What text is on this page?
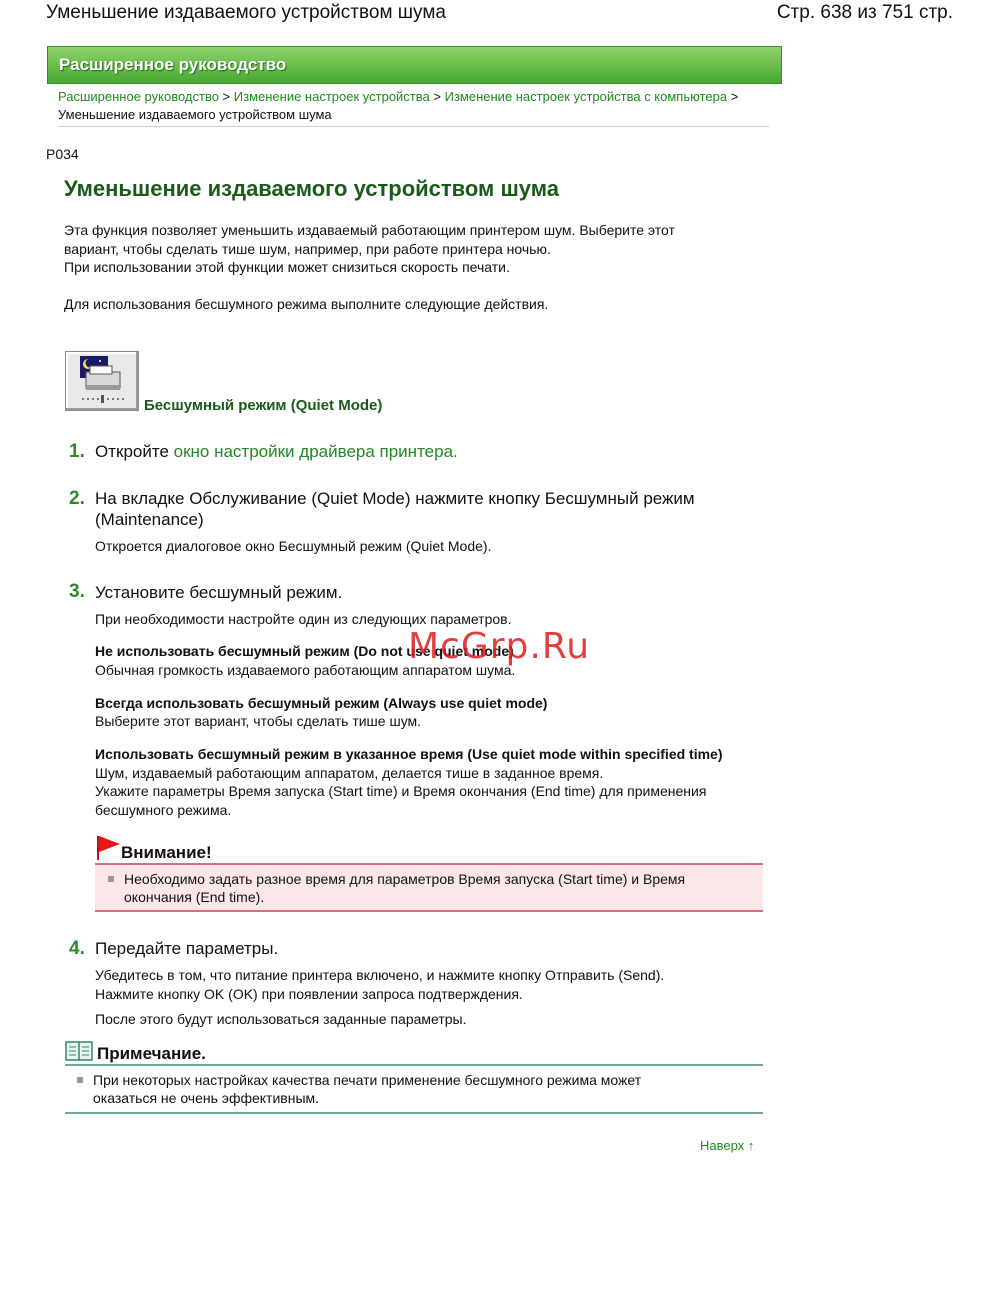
Уменьшение издаваемого устройством шума	Стр. 638 из 751 стр.
Расширенное руководство
Расширенное руководство > Изменение настроек устройства > Изменение настроек устройства с компьютера > Уменьшение издаваемого устройством шума
P034
Уменьшение издаваемого устройством шума
Эта функция позволяет уменьшить издаваемый работающим принтером шум. Выберите этот
вариант, чтобы сделать тише шум, например, при работе принтера ночью.
При использовании этой функции может снизиться скорость печати.
Для использования бесшумного режима выполните следующие действия.
Бесшумный режим (Quiet Mode)
1. Откройте окно настройки драйвера принтера.
2. На вкладке Обслуживание (Quiet Mode) нажмите кнопку Бесшумный режим
(Maintenance)
Откроется диалоговое окно Бесшумный режим (Quiet Mode).
3. Установите бесшумный режим.
При необходимости настройте один из следующих параметров.
Не использовать бесшумный режим (Do not use quiet mode)
Обычная громкость издаваемого работающим аппаратом шума.
Всегда использовать бесшумный режим (Always use quiet mode)
Выберите этот вариант, чтобы сделать тише шум.
Использовать бесшумный режим в указанное время (Use quiet mode within specified time)
Шум, издаваемый работающим аппаратом, делается тише в заданное время.
Укажите параметры Время запуска (Start time) и Время окончания (End time) для применения
бесшумного режима.
Внимание!
Необходимо задать разное время для параметров Время запуска (Start time) и Время
окончания (End time).
4. Передайте параметры.
Убедитесь в том, что питание принтера включено, и нажмите кнопку Отправить (Send).
Нажмите кнопку OK (OK) при появлении запроса подтверждения.
После этого будут использоваться заданные параметры.
Примечание.
При некоторых настройках качества печати применение бесшумного режима может
оказаться не очень эффективным.
Наверх ↑
McGrp.Ru
